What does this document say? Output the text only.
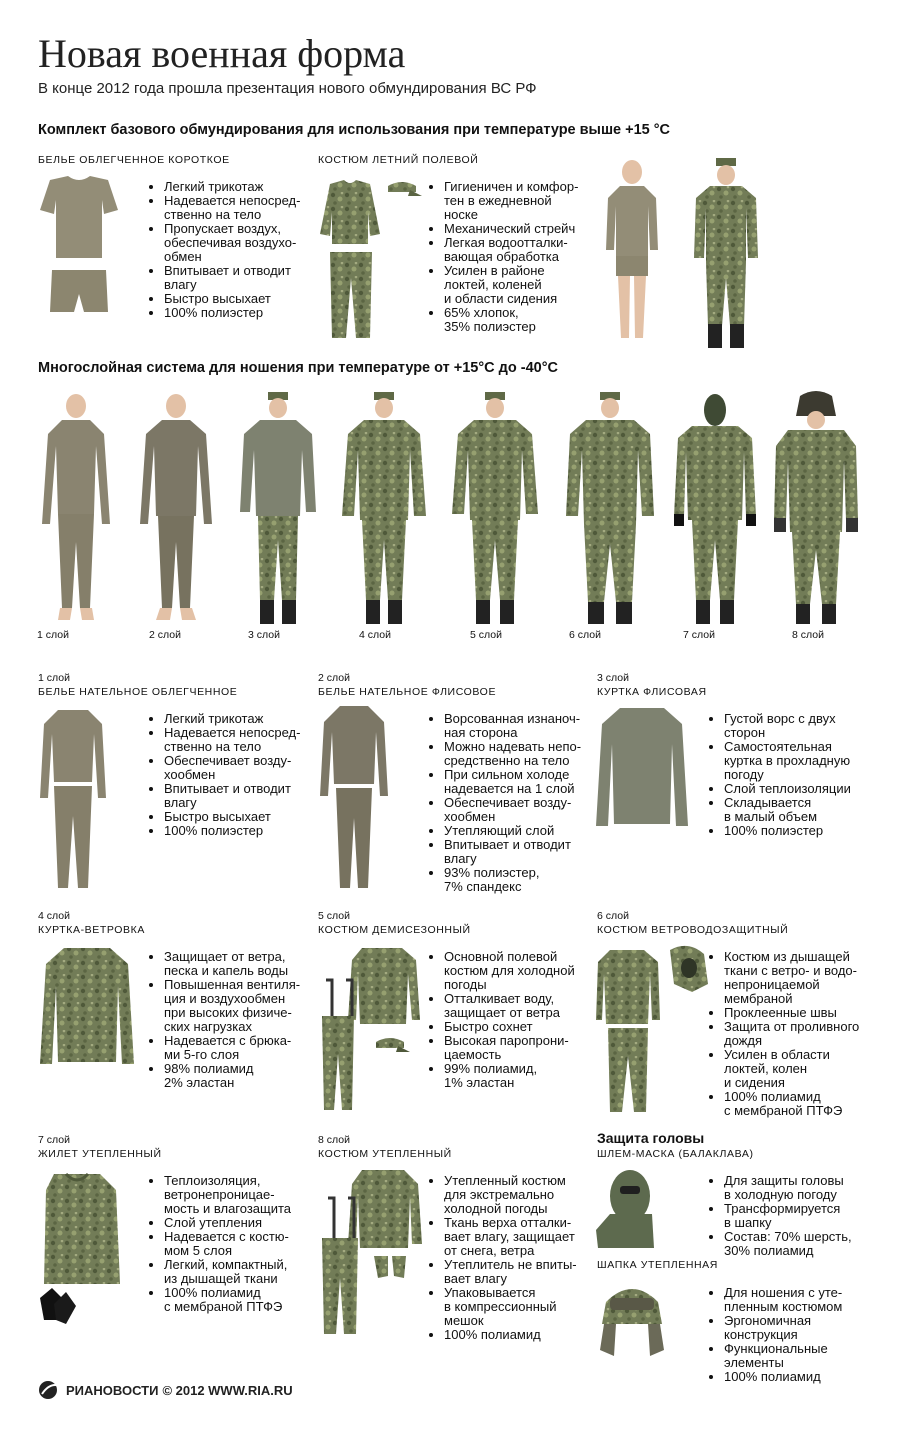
Новая военная форма
В конце 2012 года прошла презентация нового обмундирования ВС РФ
Комплект базового обмундирования для использования при температуре выше +15 °C
БЕЛЬЕ ОБЛЕГЧЕННОЕ КОРОТКОЕ
• Легкий трикотаж
• Надевается непосред-
ственно на тело
• Пропускает воздух,
обеспечивая воздухо-
обмен
• Впитывает и отводит
влагу
• Быстро высыхает
• 100% полиэстер
КОСТЮМ ЛЕТНИЙ ПОЛЕВОЙ
• Гигиеничен и комфор-
тен в ежедневной
носке
• Механический стрейч
• Легкая водоотталки-
вающая обработка
• Усилен в районе
локтей, коленей
и области сидения
• 65% хлопок,
35% полиэстер
Многослойная система для ношения при температуре от +15°C до -40°C
1 слой	2 слой	3 слой	4 слой	5 слой	6 слой	7 слой	8 слой
1 слой
БЕЛЬЕ НАТЕЛЬНОЕ ОБЛЕГЧЕННОЕ
• Легкий трикотаж
• Надевается непосред-
ственно на тело
• Обеспечивает возду-
хообмен
• Впитывает и отводит
влагу
• Быстро высыхает
• 100% полиэстер
2 слой
БЕЛЬЕ НАТЕЛЬНОЕ ФЛИСОВОЕ
• Ворсованная изнаноч-
ная сторона
• Можно надевать непо-
средственно на тело
• При сильном холоде
надевается на 1 слой
• Обеспечивает возду-
хообмен
• Утепляющий слой
• Впитывает и отводит
влагу
• 93% полиэстер,
7% спандекс
3 слой
КУРТКА ФЛИСОВАЯ
• Густой ворс с двух
сторон
• Самостоятельная
куртка в прохладную
погоду
• Слой теплоизоляции
• Складывается
в малый объем
• 100% полиэстер
4 слой
КУРТКА-ВЕТРОВКА
• Защищает от ветра,
песка и капель воды
• Повышенная вентиля-
ция и воздухообмен
при высоких физиче-
ских нагрузках
• Надевается с брюка-
ми 5-го слоя
• 98% полиамид
2% эластан
5 слой
КОСТЮМ ДЕМИСЕЗОННЫЙ
• Основной полевой
костюм для холодной
погоды
• Отталкивает воду,
защищает от ветра
• Быстро сохнет
• Высокая паропрони-
цаемость
• 99% полиамид,
1% эластан
6 слой
КОСТЮМ ВЕТРОВОДОЗАЩИТНЫЙ
• Костюм из дышащей
ткани с ветро- и водо-
непроницаемой
мембраной
• Проклеенные швы
• Защита от проливного
дождя
• Усилен в области
локтей, колен
и сидения
• 100% полиамид
с мембраной ПТФЭ
7 слой
ЖИЛЕТ УТЕПЛЕННЫЙ
• Теплоизоляция,
ветронепроницае-
мость и влагозащита
• Слой утепления
• Надевается с костю-
мом 5 слоя
• Легкий, компактный,
из дышащей ткани
• 100% полиамид
с мембраной ПТФЭ
8 слой
КОСТЮМ УТЕПЛЕННЫЙ
• Утепленный костюм
для экстремально
холодной погоды
• Ткань верха отталки-
вает влагу, защищает
от снега, ветра
• Утеплитель не впиты-
вает влагу
• Упаковывается
в компрессионный
мешок
• 100% полиамид
Защита головы
ШЛЕМ-МАСКА (БАЛАКЛАВА)
• Для защиты головы
в холодную погоду
• Трансформируется
в шапку
• Состав: 70% шерсть,
30% полиамид
ШАПКА УТЕПЛЕННАЯ
• Для ношения с уте-
пленным костюмом
• Эргономичная
конструкция
• Функциональные
элементы
• 100% полиамид
РИАНОВОСТИ © 2012 WWW.RIA.RU
